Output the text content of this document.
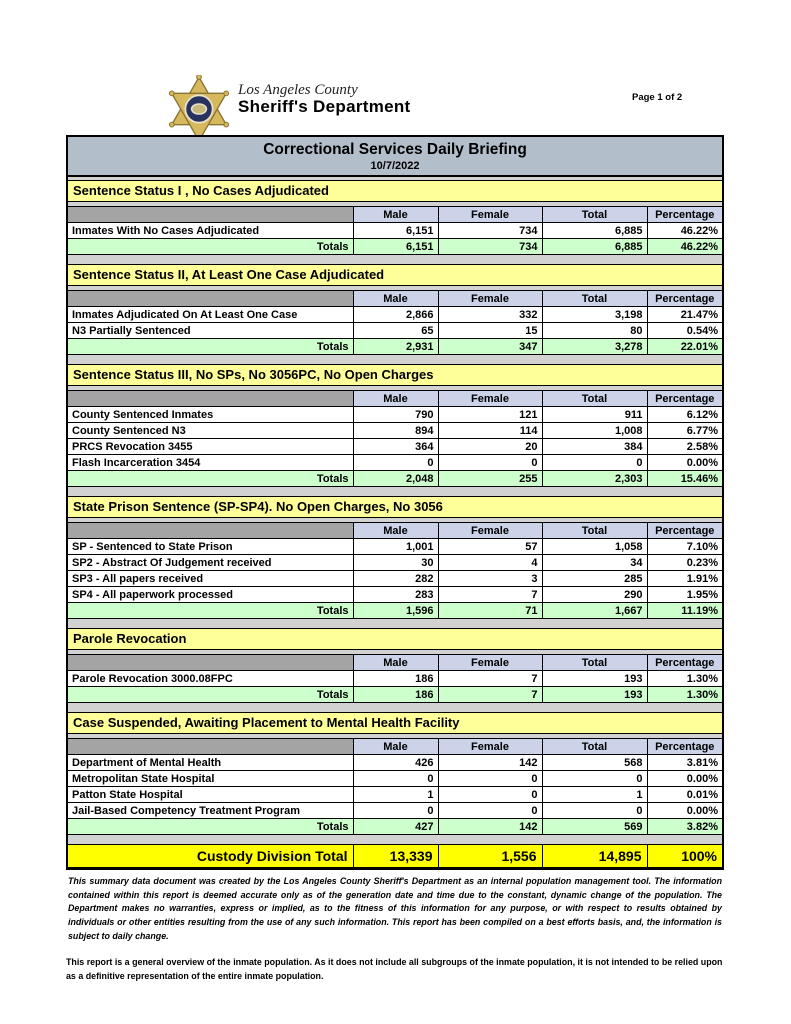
Los Angeles County
Sheriff's Department	Page 1 of 2
Correctional Services Daily Briefing
10/7/2022
Sentence Status I , No Cases Adjudicated
	Male	Female	Total	Percentage
Inmates With No Cases Adjudicated	6,151	734	6,885	46.22%
Totals	6,151	734	6,885	46.22%
Sentence Status II, At Least One Case Adjudicated
	Male	Female	Total	Percentage
Inmates Adjudicated On At Least One Case	2,866	332	3,198	21.47%
N3 Partially Sentenced	65	15	80	0.54%
Totals	2,931	347	3,278	22.01%
Sentence Status III, No SPs, No 3056PC, No Open Charges
	Male	Female	Total	Percentage
County Sentenced Inmates	790	121	911	6.12%
County Sentenced N3	894	114	1,008	6.77%
PRCS Revocation 3455	364	20	384	2.58%
Flash Incarceration 3454	0	0	0	0.00%
Totals	2,048	255	2,303	15.46%
State Prison Sentence (SP-SP4). No Open Charges, No 3056
	Male	Female	Total	Percentage
SP - Sentenced to State Prison	1,001	57	1,058	7.10%
SP2 - Abstract Of Judgement received	30	4	34	0.23%
SP3 - All papers received	282	3	285	1.91%
SP4 - All paperwork processed	283	7	290	1.95%
Totals	1,596	71	1,667	11.19%
Parole Revocation
	Male	Female	Total	Percentage
Parole Revocation 3000.08FPC	186	7	193	1.30%
Totals	186	7	193	1.30%
Case Suspended, Awaiting Placement to Mental Health Facility
	Male	Female	Total	Percentage
Department of Mental Health	426	142	568	3.81%
Metropolitan State Hospital	0	0	0	0.00%
Patton State Hospital	1	0	1	0.01%
Jail-Based Competency Treatment Program	0	0	0	0.00%
Totals	427	142	569	3.82%
Custody Division Total	13,339	1,556	14,895	100%

This summary data document was created by the Los Angeles County Sheriff's Department as an internal population management tool. The information contained within this report is deemed accurate only as of the generation date and time due to the constant, dynamic change of the population. The Department makes no warranties, express or implied, as to the fitness of this information for any purpose, or with respect to results obtained by individuals or other entities resulting from the use of any such information. This report has been compiled on a best efforts basis, and, the information is subject to daily change.

This report is a general overview of the inmate population. As it does not include all subgroups of the inmate population, it is not intended to be relied upon as a definitive representation of the entire inmate population.
